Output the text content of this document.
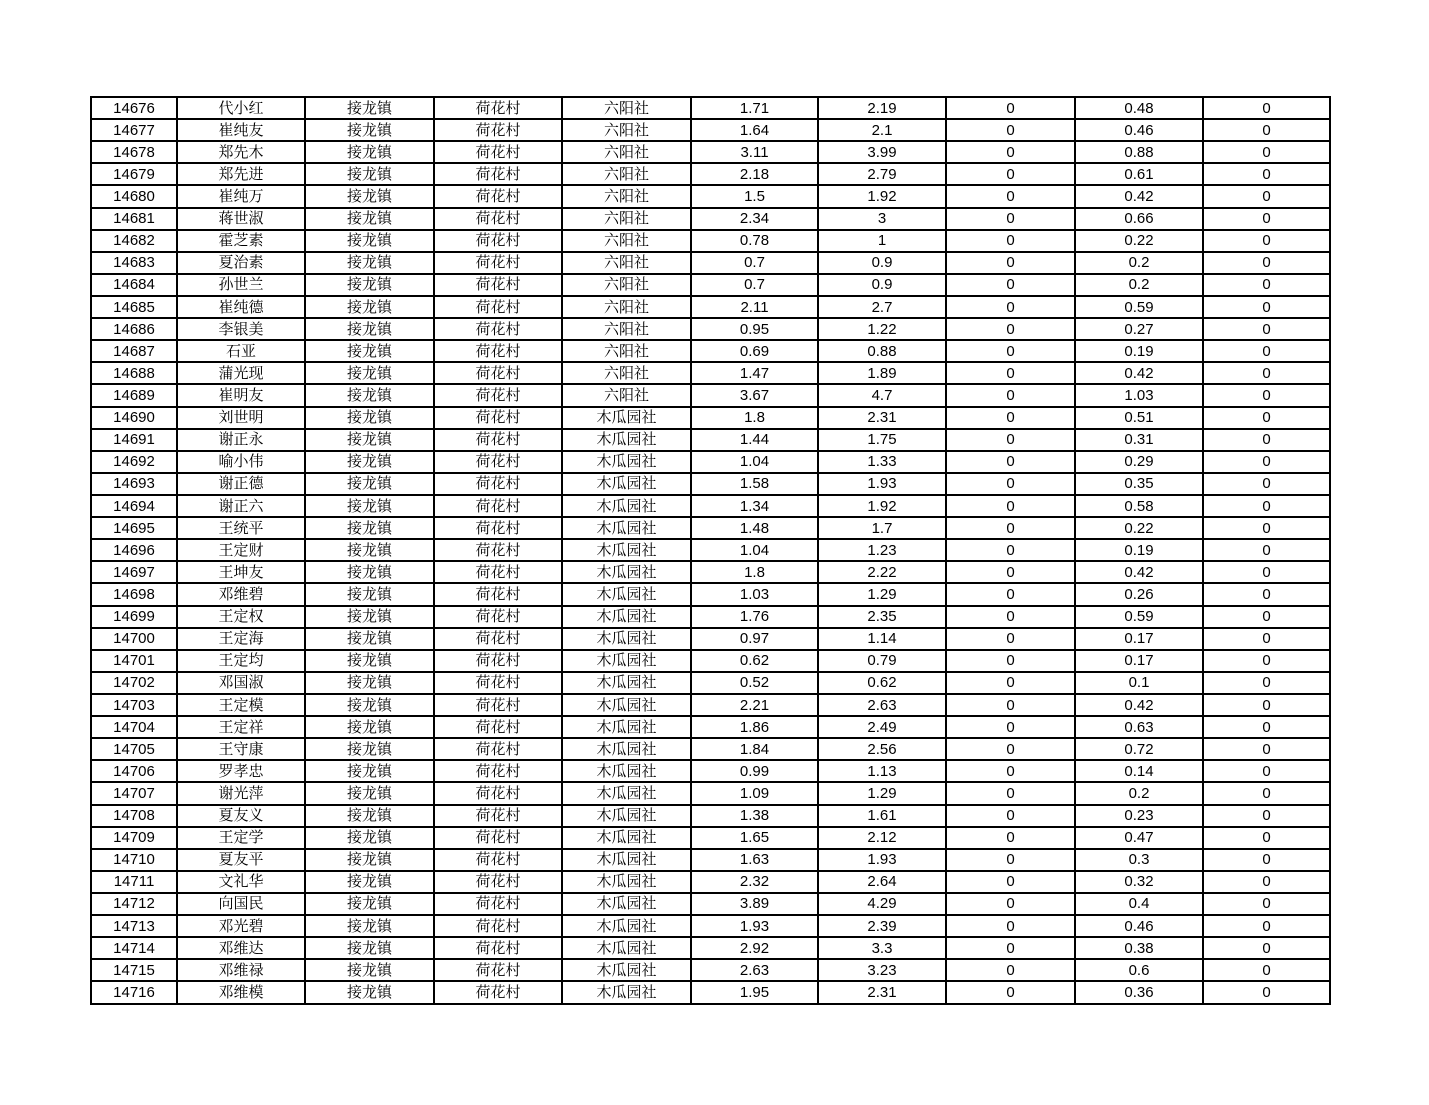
14676	代小红	接龙镇	荷花村	六阳社	1.71	2.19	0	0.48	0
14677	崔纯友	接龙镇	荷花村	六阳社	1.64	2.1	0	0.46	0
14678	郑先木	接龙镇	荷花村	六阳社	3.11	3.99	0	0.88	0
14679	郑先进	接龙镇	荷花村	六阳社	2.18	2.79	0	0.61	0
14680	崔纯万	接龙镇	荷花村	六阳社	1.5	1.92	0	0.42	0
14681	蒋世淑	接龙镇	荷花村	六阳社	2.34	3	0	0.66	0
14682	霍芝素	接龙镇	荷花村	六阳社	0.78	1	0	0.22	0
14683	夏治素	接龙镇	荷花村	六阳社	0.7	0.9	0	0.2	0
14684	孙世兰	接龙镇	荷花村	六阳社	0.7	0.9	0	0.2	0
14685	崔纯德	接龙镇	荷花村	六阳社	2.11	2.7	0	0.59	0
14686	李银美	接龙镇	荷花村	六阳社	0.95	1.22	0	0.27	0
14687	石亚	接龙镇	荷花村	六阳社	0.69	0.88	0	0.19	0
14688	蒲光现	接龙镇	荷花村	六阳社	1.47	1.89	0	0.42	0
14689	崔明友	接龙镇	荷花村	六阳社	3.67	4.7	0	1.03	0
14690	刘世明	接龙镇	荷花村	木瓜园社	1.8	2.31	0	0.51	0
14691	谢正永	接龙镇	荷花村	木瓜园社	1.44	1.75	0	0.31	0
14692	喻小伟	接龙镇	荷花村	木瓜园社	1.04	1.33	0	0.29	0
14693	谢正德	接龙镇	荷花村	木瓜园社	1.58	1.93	0	0.35	0
14694	谢正六	接龙镇	荷花村	木瓜园社	1.34	1.92	0	0.58	0
14695	王统平	接龙镇	荷花村	木瓜园社	1.48	1.7	0	0.22	0
14696	王定财	接龙镇	荷花村	木瓜园社	1.04	1.23	0	0.19	0
14697	王坤友	接龙镇	荷花村	木瓜园社	1.8	2.22	0	0.42	0
14698	邓维碧	接龙镇	荷花村	木瓜园社	1.03	1.29	0	0.26	0
14699	王定权	接龙镇	荷花村	木瓜园社	1.76	2.35	0	0.59	0
14700	王定海	接龙镇	荷花村	木瓜园社	0.97	1.14	0	0.17	0
14701	王定均	接龙镇	荷花村	木瓜园社	0.62	0.79	0	0.17	0
14702	邓国淑	接龙镇	荷花村	木瓜园社	0.52	0.62	0	0.1	0
14703	王定模	接龙镇	荷花村	木瓜园社	2.21	2.63	0	0.42	0
14704	王定祥	接龙镇	荷花村	木瓜园社	1.86	2.49	0	0.63	0
14705	王守康	接龙镇	荷花村	木瓜园社	1.84	2.56	0	0.72	0
14706	罗孝忠	接龙镇	荷花村	木瓜园社	0.99	1.13	0	0.14	0
14707	谢光萍	接龙镇	荷花村	木瓜园社	1.09	1.29	0	0.2	0
14708	夏友义	接龙镇	荷花村	木瓜园社	1.38	1.61	0	0.23	0
14709	王定学	接龙镇	荷花村	木瓜园社	1.65	2.12	0	0.47	0
14710	夏友平	接龙镇	荷花村	木瓜园社	1.63	1.93	0	0.3	0
14711	文礼华	接龙镇	荷花村	木瓜园社	2.32	2.64	0	0.32	0
14712	向国民	接龙镇	荷花村	木瓜园社	3.89	4.29	0	0.4	0
14713	邓光碧	接龙镇	荷花村	木瓜园社	1.93	2.39	0	0.46	0
14714	邓维达	接龙镇	荷花村	木瓜园社	2.92	3.3	0	0.38	0
14715	邓维禄	接龙镇	荷花村	木瓜园社	2.63	3.23	0	0.6	0
14716	邓维模	接龙镇	荷花村	木瓜园社	1.95	2.31	0	0.36	0
